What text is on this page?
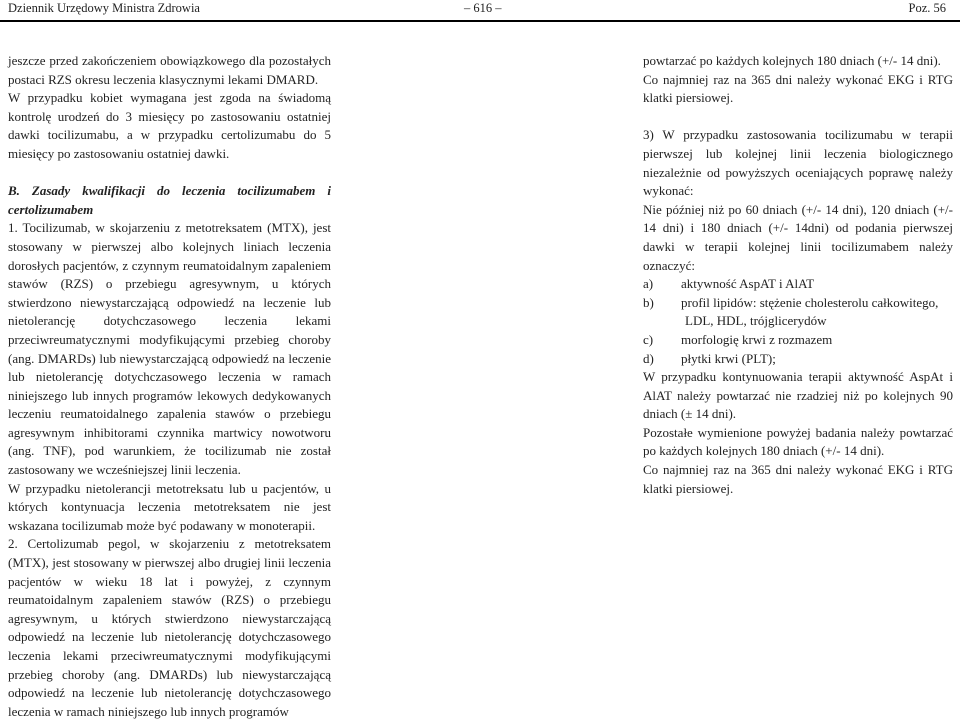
Dziennik Urzędowy Ministra Zdrowia	– 616 –	Poz. 56

jeszcze przed zakończeniem obowiązkowego dla pozostałych postaci RZS okresu leczenia klasycznymi lekami DMARD.

W przypadku kobiet wymagana jest zgoda na świadomą kontrolę urodzeń do 3 miesięcy po zastosowaniu ostatniej dawki tocilizumabu, a w przypadku certolizumabu do 5 miesięcy po zastosowaniu ostatniej dawki.

B. Zasady kwalifikacji do leczenia tocilizumabem i certolizumabem

1. Tocilizumab, w skojarzeniu z metotreksatem (MTX), jest stosowany w pierwszej albo kolejnych liniach leczenia dorosłych pacjentów, z czynnym reumatoidalnym zapaleniem stawów (RZS) o przebiegu agresywnym, u których stwierdzono niewystarczającą odpowiedź na leczenie lub nietolerancję dotychczasowego leczenia lekami przeciwreumatycznymi modyfikującymi przebieg choroby (ang. DMARDs) lub niewystarczającą odpowiedź na leczenie lub nietolerancję dotychczasowego leczenia w ramach niniejszego lub innych programów lekowych dedykowanych leczeniu reumatoidalnego zapalenia stawów o przebiegu agresywnym inhibitorami czynnika martwicy nowotworu (ang. TNF), pod warunkiem, że tocilizumab nie został zastosowany we wcześniejszej linii leczenia.

W przypadku nietolerancji metotreksatu lub u pacjentów, u których kontynuacja leczenia metotreksatem nie jest wskazana tocilizumab może być podawany w monoterapii.

2. Certolizumab pegol, w skojarzeniu z metotreksatem (MTX), jest stosowany w pierwszej albo drugiej linii leczenia pacjentów w wieku 18 lat i powyżej, z czynnym reumatoidalnym zapaleniem stawów (RZS) o przebiegu agresywnym, u których stwierdzono niewystarczającą odpowiedź na leczenie lub nietolerancję dotychczasowego leczenia lekami przeciwreumatycznymi modyfikującymi przebieg choroby (ang. DMARDs) lub niewystarczającą odpowiedź na leczenie lub nietolerancję dotychczasowego leczenia w ramach niniejszego lub innych programów

powtarzać po każdych kolejnych 180 dniach (+/- 14 dni).

Co najmniej raz na 365 dni należy wykonać EKG i RTG klatki piersiowej.

3) W przypadku zastosowania tocilizumabu w terapii pierwszej lub kolejnej linii leczenia biologicznego niezależnie od powyższych oceniających poprawę należy wykonać:

Nie później niż po 60 dniach (+/- 14 dni), 120 dniach (+/- 14 dni) i 180 dniach (+/- 14dni) od podania pierwszej dawki w terapii kolejnej linii tocilizumabem należy oznaczyć:

a)	aktywność AspAT i AlAT
b)	profil lipidów: stężenie cholesterolu całkowitego,
LDL, HDL, trójglicerydów
c)	morfologię krwi z rozmazem
d)	płytki krwi (PLT);

W przypadku kontynuowania terapii aktywność AspAt i AlAT należy powtarzać nie rzadziej niż po kolejnych 90 dniach (± 14 dni).

Pozostałe wymienione powyżej badania należy powtarzać po każdych kolejnych 180 dniach (+/- 14 dni).

Co najmniej raz na 365 dni należy wykonać EKG i RTG klatki piersiowej.
